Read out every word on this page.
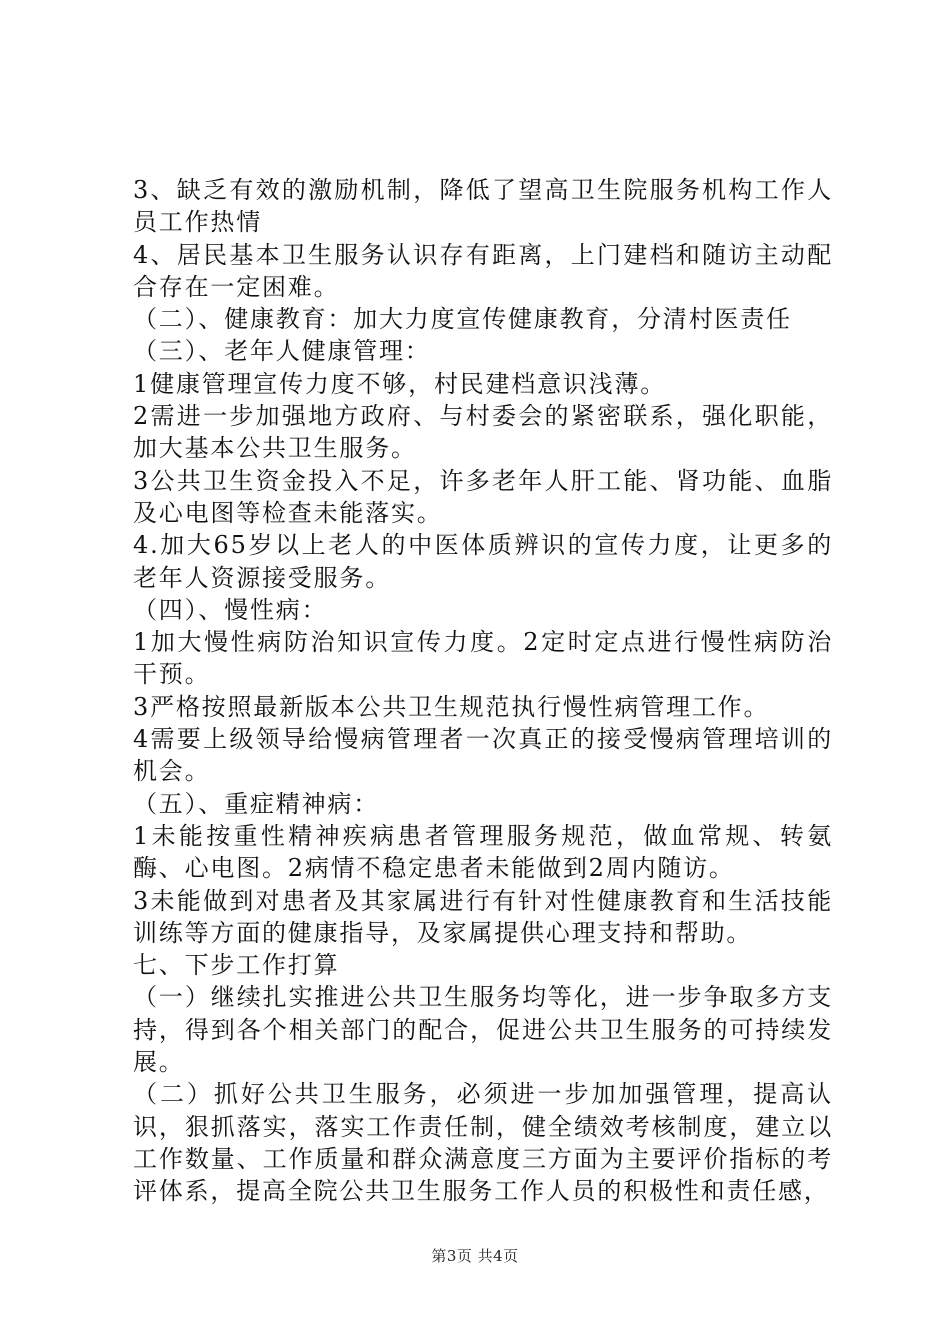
3、缺乏有效的激励机制，降低了望高卫生院服务机构工作人员工作热情

4、居民基本卫生服务认识存有距离，上门建档和随访主动配合存在一定困难。

（二）、健康教育：加大力度宣传健康教育，分清村医责任

（三）、老年人健康管理：

1健康管理宣传力度不够，村民建档意识浅薄。

2需进一步加强地方政府、与村委会的紧密联系，强化职能，加大基本公共卫生服务。

3公共卫生资金投入不足，许多老年人肝工能、肾功能、血脂及心电图等检查未能落实。

4.加大65岁以上老人的中医体质辨识的宣传力度，让更多的老年人资源接受服务。

（四）、慢性病：

1加大慢性病防治知识宣传力度。2定时定点进行慢性病防治干预。

3严格按照最新版本公共卫生规范执行慢性病管理工作。

4需要上级领导给慢病管理者一次真正的接受慢病管理培训的机会。

（五）、重症精神病：

1未能按重性精神疾病患者管理服务规范，做血常规、转氨酶、心电图。2病情不稳定患者未能做到2周内随访。

3未能做到对患者及其家属进行有针对性健康教育和生活技能训练等方面的健康指导，及家属提供心理支持和帮助。

七、下步工作打算

（一）继续扎实推进公共卫生服务均等化，进一步争取多方支持，得到各个相关部门的配合，促进公共卫生服务的可持续发展。

（二）抓好公共卫生服务，必须进一步加加强管理，提高认识，狠抓落实，落实工作责任制，健全绩效考核制度，建立以工作数量、工作质量和群众满意度三方面为主要评价指标的考评体系，提高全院公共卫生服务工作人员的积极性和责任感，

第3页 共4页
